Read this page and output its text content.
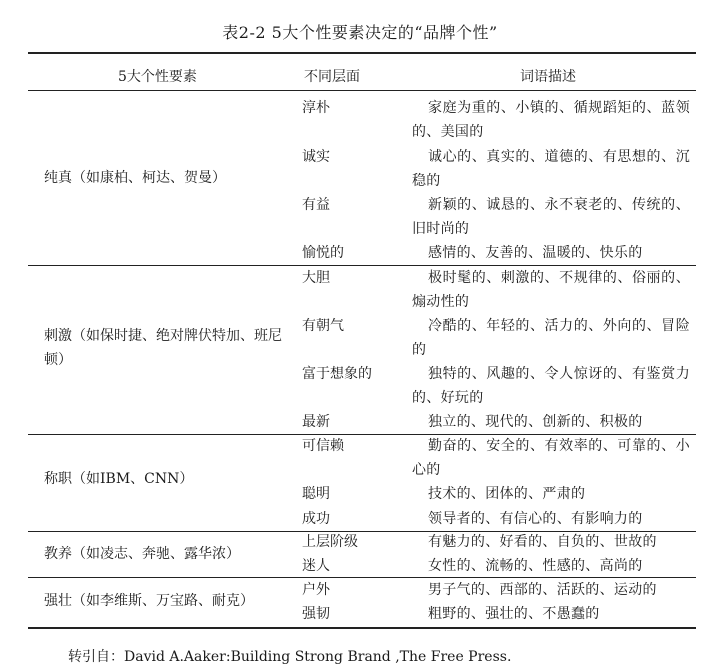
表2-2 5大个性要素决定的“品牌个性”
5大个性要素	不同层面	词语描述
纯真（如康柏、柯达、贺曼）
淳朴	家庭为重的、小镇的、循规蹈矩的、蓝领的、美国的
诚实	诚心的、真实的、道德的、有思想的、沉稳的
有益	新颖的、诚恳的、永不衰老的、传统的、旧时尚的
愉悦的	感情的、友善的、温暖的、快乐的
刺激（如保时捷、绝对牌伏特加、班尼顿）
大胆	极时髦的、刺激的、不规律的、俗丽的、煽动性的
有朝气	冷酷的、年轻的、活力的、外向的、冒险的
富于想象的	独特的、风趣的、令人惊讶的、有鉴赏力的、好玩的
最新	独立的、现代的、创新的、积极的
称职（如IBM、CNN）
可信赖	勤奋的、安全的、有效率的、可靠的、小心的
聪明	技术的、团体的、严肃的
成功	领导者的、有信心的、有影响力的
教养（如凌志、奔驰、露华浓）
上层阶级	有魅力的、好看的、自负的、世故的
迷人	女性的、流畅的、性感的、高尚的
强壮（如李维斯、万宝路、耐克）
户外	男子气的、西部的、活跃的、运动的
强韧	粗野的、强壮的、不愚蠢的
转引自：David A.Aaker:Building Strong Brand ,The Free Press.
